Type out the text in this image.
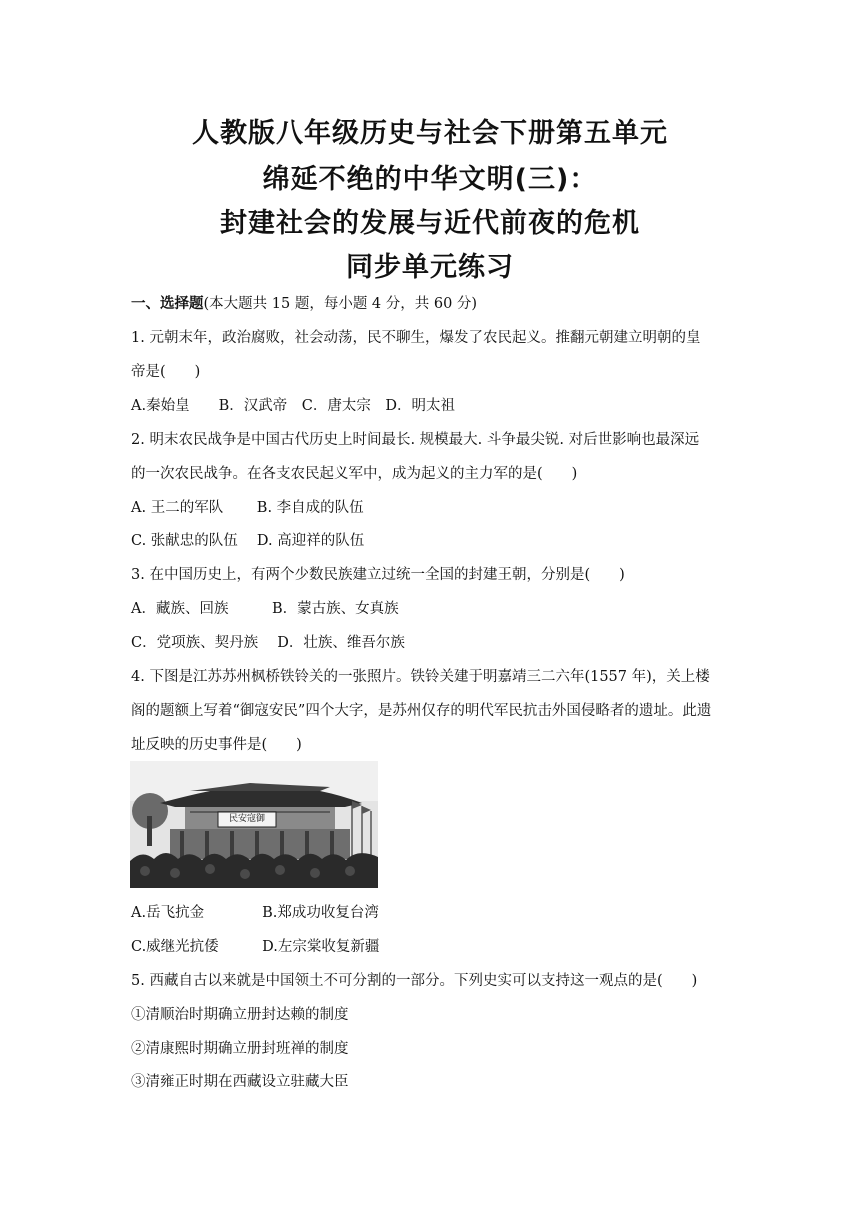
人教版八年级历史与社会下册第五单元
绵延不绝的中华文明(三)：
封建社会的发展与近代前夜的危机
同步单元练习
一、选择题(本大题共 15 题，每小题 4 分，共 60 分)
1. 元朝末年，政治腐败，社会动荡，民不聊生，爆发了农民起义。推翻元朝建立明朝的皇
帝是(　　)
A.秦始皇　　B．汉武帝　C．唐太宗　D．明太祖
2. 明末农民战争是中国古代历史上时间最长. 规模最大. 斗争最尖锐. 对后世影响也最深远
的一次农民战争。在各支农民起义军中，成为起义的主力军的是(　　)
A. 王二的军队　　 B. 李自成的队伍
C. 张献忠的队伍　 D. 高迎祥的队伍
3. 在中国历史上，有两个少数民族建立过统一全国的封建王朝，分别是(　　)
A．藏族、回族　　　B．蒙古族、女真族
C．党项族、契丹族　 D．壮族、维吾尔族
4. 下图是江苏苏州枫桥铁铃关的一张照片。铁铃关建于明嘉靖三二六年(1557 年)，关上楼
阁的题额上写着“御寇安民”四个大字，是苏州仅存的明代军民抗击外国侵略者的遗址。此遗
址反映的历史事件是(　　)
民安寇御
A.岳飞抗金　　　　B.郑成功收复台湾
C.威继光抗倭　　　D.左宗棠收复新疆
5. 西藏自古以来就是中国领土不可分割的一部分。下列史实可以支持这一观点的是(　　)
①清顺治时期确立册封达赖的制度
②清康熙时期确立册封班禅的制度
③清雍正时期在西藏设立驻藏大臣
